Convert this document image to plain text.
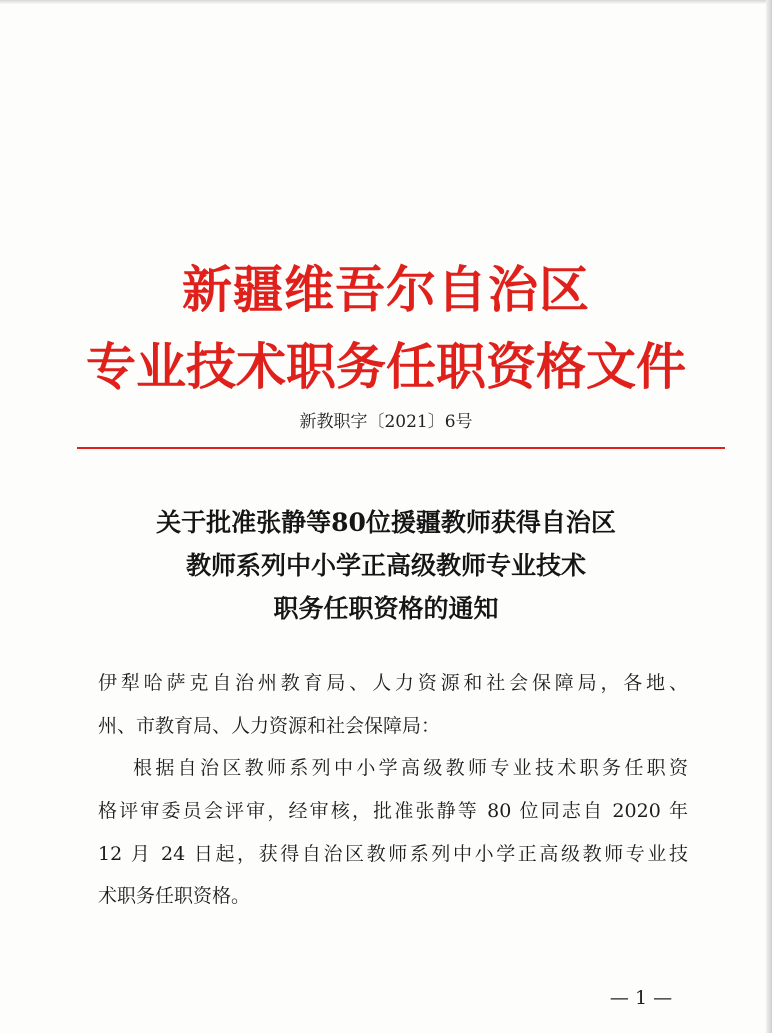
新疆维吾尔自治区
专业技术职务任职资格文件
新教职字〔2021〕6号
关于批准张静等80位援疆教师获得自治区
教师系列中小学正高级教师专业技术
职务任职资格的通知
伊犁哈萨克自治州教育局、人力资源和社会保障局，各地、
州、市教育局、人力资源和社会保障局：
根据自治区教师系列中小学高级教师专业技术职务任职资
格评审委员会评审，经审核，批准张静等 80 位同志自 2020 年
12 月 24 日起，获得自治区教师系列中小学正高级教师专业技
术职务任职资格。
— 1 —
